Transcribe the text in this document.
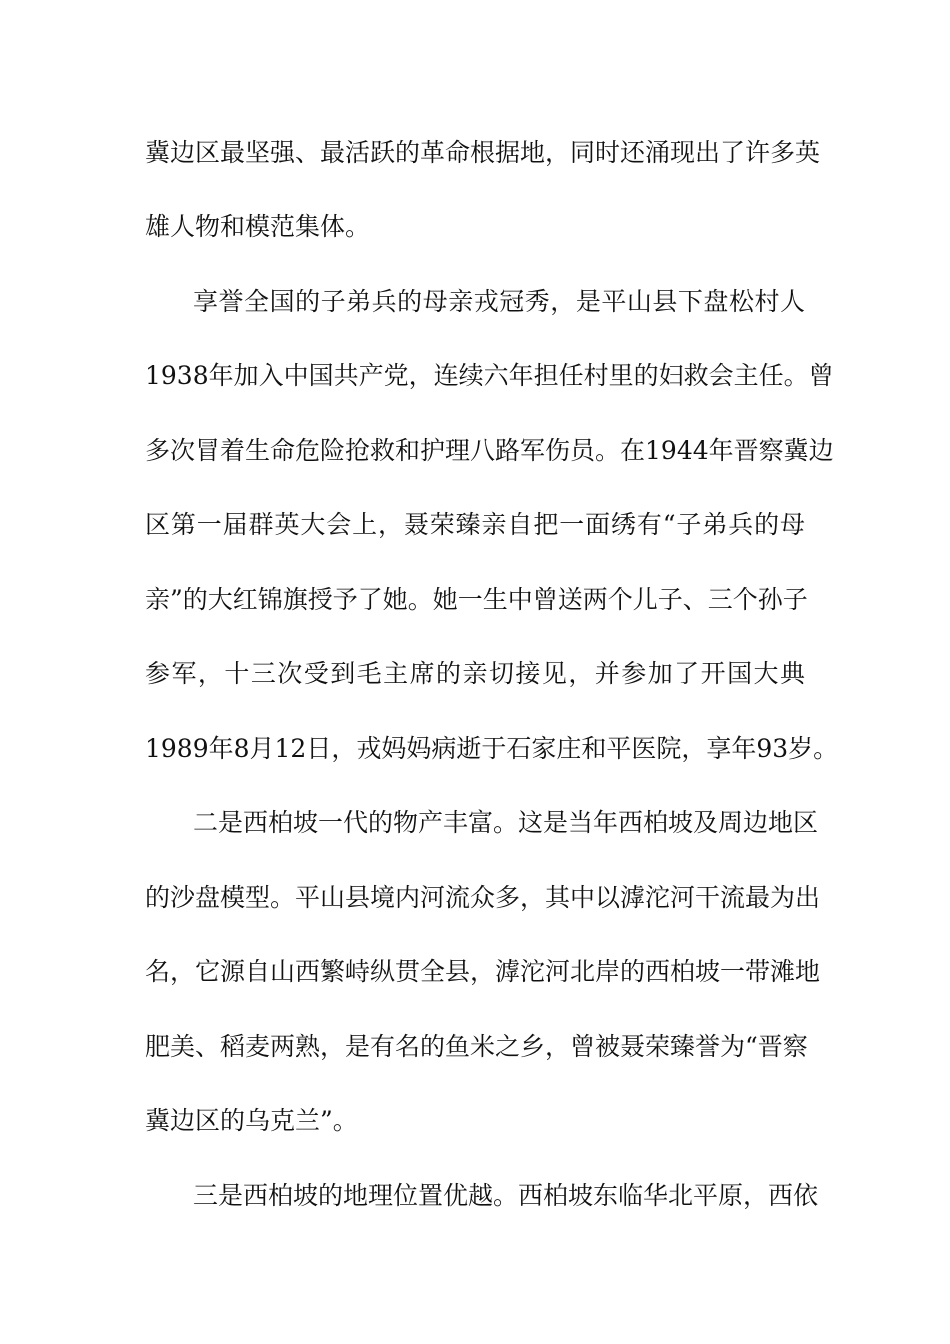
冀边区最坚强、最活跃的革命根据地，同时还涌现出了许多英
雄人物和模范集体。
享誉全国的子弟兵的母亲戎冠秀，是平山县下盘松村人
1938年加入中国共产党，连续六年担任村里的妇救会主任。曾
多次冒着生命危险抢救和护理八路军伤员。在1944年晋察冀边
区第一届群英大会上，聂荣臻亲自把一面绣有“子弟兵的母
亲”的大红锦旗授予了她。她一生中曾送两个儿子、三个孙子
参军，十三次受到毛主席的亲切接见，并参加了开国大典
1989年8月12日，戎妈妈病逝于石家庄和平医院，享年93岁。
二是西柏坡一代的物产丰富。这是当年西柏坡及周边地区
的沙盘模型。平山县境内河流众多，其中以滹沱河干流最为出
名，它源自山西繁峙纵贯全县，滹沱河北岸的西柏坡一带滩地
肥美、稻麦两熟，是有名的鱼米之乡，曾被聂荣臻誉为“晋察
冀边区的乌克兰”。
三是西柏坡的地理位置优越。西柏坡东临华北平原，西依
